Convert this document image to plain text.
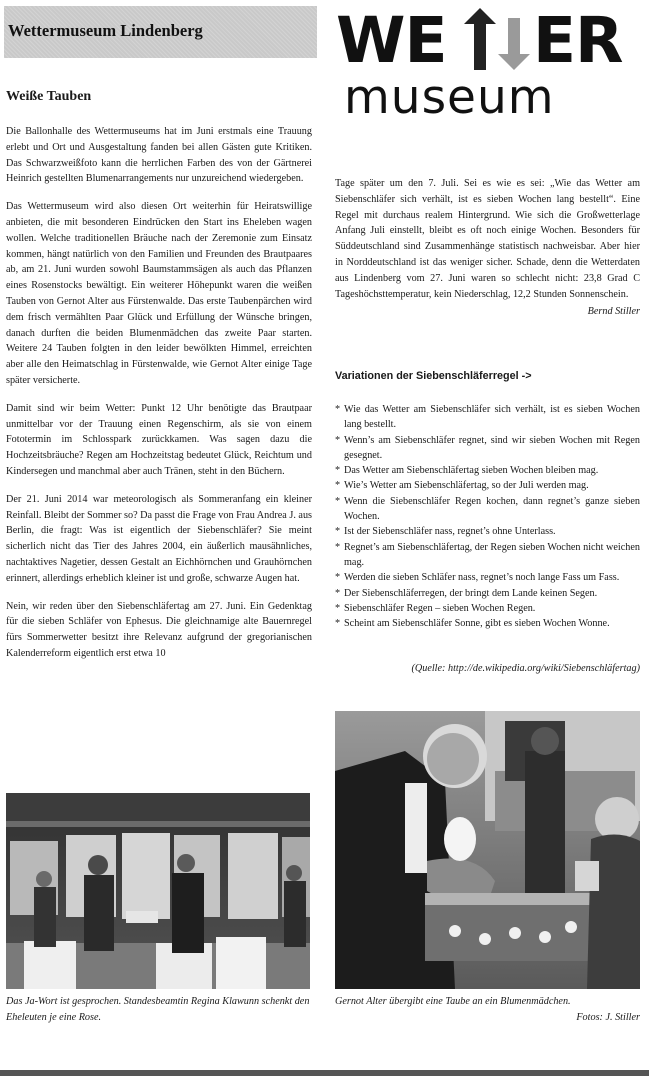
Wettermuseum Lindenberg WE ER
museum
Weiße Tauben

Die Ballonhalle des Wettermuseums hat im Juni erstmals eine Trauung erlebt und Ort und Ausgestaltung fanden bei allen Gästen gute Kritiken. Das Schwarzweißfoto kann die herrlichen Farben des von der Gärtnerei Heinrich gestellten Blumenarrangements nur unzureichend wiedergeben.

Das Wettermuseum wird also diesen Ort weiterhin für Heiratswillige anbieten, die mit besonderen Eindrücken den Start ins Eheleben wagen wollen. Welche traditionellen Bräuche nach der Zeremonie zum Einsatz kommen, hängt natürlich von den Familien und Freunden des Brautpaares ab, am 21. Juni wurden sowohl Baumstammsägen als auch das Pflanzen eines Rosenstocks bewältigt. Ein weiterer Höhepunkt waren die weißen Tauben von Gernot Alter aus Fürstenwalde. Das erste Taubenpärchen wird dem frisch vermählten Paar Glück und Erfüllung der Wünsche bringen, danach durften die beiden Blumenmädchen das zweite Paar starten. Weitere 24 Tauben folgten in den leider bewölkten Himmel, erreichten aber alle den Heimatschlag in Fürstenwalde, wie Gernot Alter einige Tage später versicherte.

Damit sind wir beim Wetter: Punkt 12 Uhr benötigte das Brautpaar unmittelbar vor der Trauung einen Regenschirm, als sie von einem Fototermin im Schlosspark zurückkamen. Was sagen dazu die Hochzeitsbräuche? Regen am Hochzeitstag bedeutet Glück, Reichtum und Kindersegen und manchmal aber auch Tränen, steht in den Büchern.

Der 21. Juni 2014 war meteorologisch als Sommeranfang ein kleiner Reinfall. Bleibt der Sommer so? Da passt die Frage von Frau Andrea J. aus Berlin, die fragt: Was ist eigentlich der Siebenschläfer? Sie meint sicherlich nicht das Tier des Jahres 2004, ein äußerlich mausähnliches, nachtaktives Nagetier, dessen Gestalt an Eichhörnchen und Grauhörnchen erinnert, allerdings erheblich kleiner ist und große, schwarze Augen hat.

Nein, wir reden über den Siebenschläfertag am 27. Juni. Ein Gedenktag für die sieben Schläfer von Ephesus. Die gleichnamige alte Bauernregel fürs Sommerwetter besitzt ihre Relevanz aufgrund der gregorianischen Kalenderreform eigentlich erst etwa 10

Tage später um den 7. Juli. Sei es wie es sei: „Wie das Wetter am Siebenschläfer sich verhält, ist es sieben Wochen lang bestellt“. Eine Regel mit durchaus realem Hintergrund. Wie sich die Großwetterlage Anfang Juli einstellt, bleibt es oft noch einige Wochen. Besonders für Süddeutschland sind Zusammenhänge statistisch nachweisbar. Aber hier in Norddeutschland ist das weniger sicher. Schade, denn die Wetterdaten aus Lindenberg vom 27. Juni waren so schlecht nicht: 23,8 Grad C Tageshöchsttemperatur, kein Niederschlag, 12,2 Stunden Sonnenschein.

Bernd Stiller

Variationen der Siebenschläferregel ->
* Wie das Wetter am Siebenschläfer sich verhält, ist es sieben Wochen lang bestellt.
* Wenn’s am Siebenschläfer regnet, sind wir sieben Wochen mit Regen gesegnet.
* Das Wetter am Siebenschläfertag sieben Wochen bleiben mag.
* Wie’s Wetter am Siebenschläfertag, so der Juli werden mag.
* Wenn die Siebenschläfer Regen kochen, dann regnet’s ganze sieben Wochen.
* Ist der Siebenschläfer nass, regnet’s ohne Unterlass.
* Regnet’s am Siebenschläfertag, der Regen sieben Wochen nicht weichen mag.
* Werden die sieben Schläfer nass, regnet’s noch lange Fass um Fass.
* Der Siebenschläferregen, der bringt dem Lande keinen Segen.
* Siebenschläfer Regen – sieben Wochen Regen.
* Scheint am Siebenschläfer Sonne, gibt es sieben Wochen Wonne.
(Quelle: http://de.wikipedia.org/wiki/Siebenschläfertag)
Das Ja-Wort ist gesprochen. Standesbeamtin Regina Klawunn schenkt den Eheleuten je eine Rose.
Gernot Alter übergibt eine Taube an ein Blumenmädchen.
Fotos: J. Stiller
